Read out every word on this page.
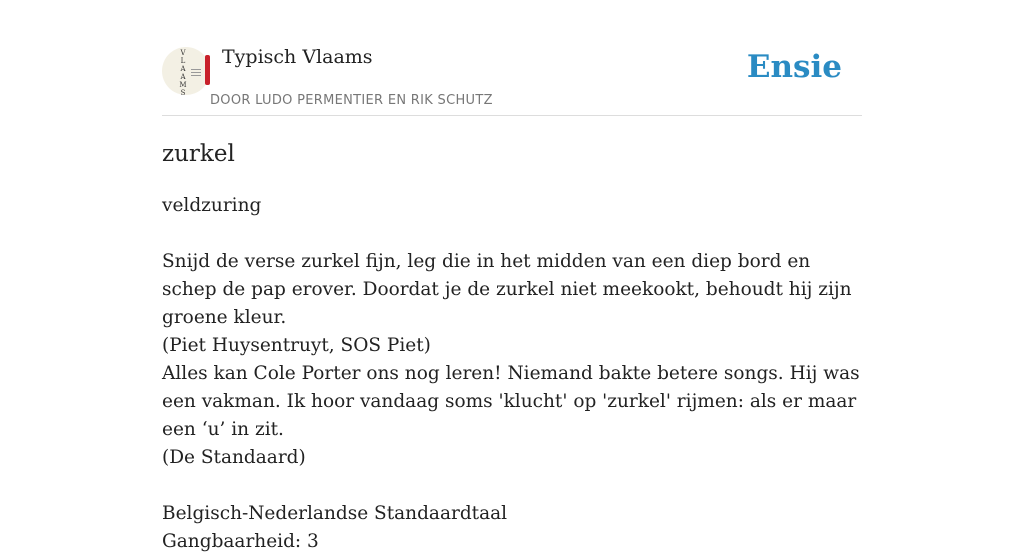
V
L
A
A
M
S
Typisch Vlaams
DOOR LUDO PERMENTIER EN RIK SCHUTZ
Ensie
zurkel

veldzuring

Snijd de verse zurkel fijn, leg die in het midden van een diep bord en schep de pap erover. Doordat je de zurkel niet meekookt, behoudt hij zijn groene kleur.

(Piet Huysentruyt, SOS Piet)

Alles kan Cole Porter ons nog leren! Niemand bakte betere songs. Hij was een vakman. Ik hoor vandaag soms 'klucht' op 'zurkel' rijmen: als er maar een ‘u’ in zit.

(De Standaard)

Belgisch-Nederlandse Standaardtaal

Gangbaarheid: 3
